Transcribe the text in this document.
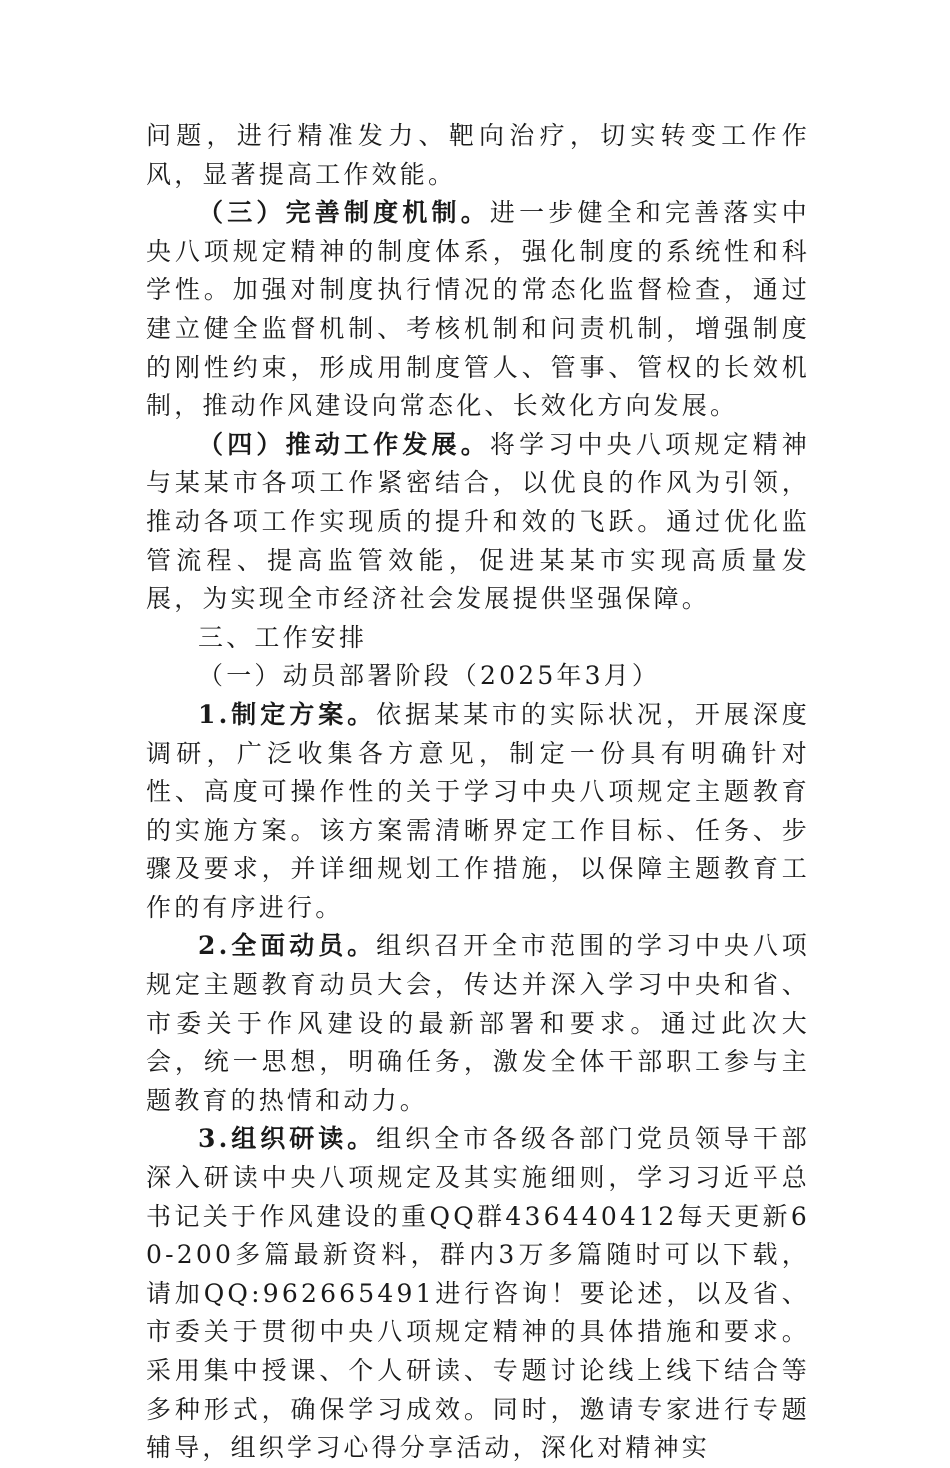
问题，进行精准发力、靶向治疗，切实转变工作作风，显著提高工作效能。

（三）完善制度机制。进一步健全和完善落实中央八项规定精神的制度体系，强化制度的系统性和科学性。加强对制度执行情况的常态化监督检查，通过建立健全监督机制、考核机制和问责机制，增强制度的刚性约束，形成用制度管人、管事、管权的长效机制，推动作风建设向常态化、长效化方向发展。

（四）推动工作发展。将学习中央八项规定精神与某某市各项工作紧密结合，以优良的作风为引领，推动各项工作实现质的提升和效的飞跃。通过优化监管流程、提高监管效能，促进某某市实现高质量发展，为实现全市经济社会发展提供坚强保障。

三、工作安排

（一）动员部署阶段（2025年3月）

1.制定方案。依据某某市的实际状况，开展深度调研，广泛收集各方意见，制定一份具有明确针对性、高度可操作性的关于学习中央八项规定主题教育的实施方案。该方案需清晰界定工作目标、任务、步骤及要求，并详细规划工作措施，以保障主题教育工作的有序进行。

2.全面动员。组织召开全市范围的学习中央八项规定主题教育动员大会，传达并深入学习中央和省、市委关于作风建设的最新部署和要求。通过此次大会，统一思想，明确任务，激发全体干部职工参与主题教育的热情和动力。

3.组织研读。组织全市各级各部门党员领导干部深入研读中央八项规定及其实施细则，学习习近平总书记关于作风建设的重QQ群436440412每天更新60-200多篇最新资料，群内3万多篇随时可以下载，请加QQ:962665491进行咨询！要论述，以及省、市委关于贯彻中央八项规定精神的具体措施和要求。采用集中授课、个人研读、专题讨论线上线下结合等多种形式，确保学习成效。同时，邀请专家进行专题辅导，组织学习心得分享活动，深化对精神实
